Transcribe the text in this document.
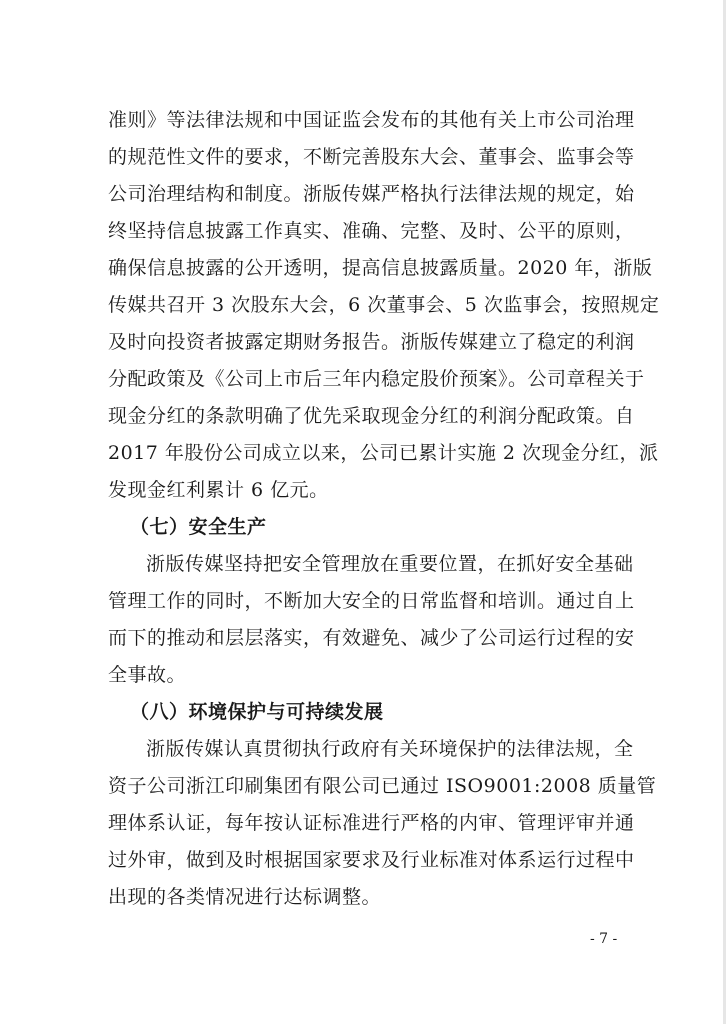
准则》等法律法规和中国证监会发布的其他有关上市公司治理
的规范性文件的要求，不断完善股东大会、董事会、监事会等
公司治理结构和制度。浙版传媒严格执行法律法规的规定，始
终坚持信息披露工作真实、准确、完整、及时、公平的原则，
确保信息披露的公开透明，提高信息披露质量。2020 年，浙版
传媒共召开 3 次股东大会，6 次董事会、5 次监事会，按照规定
及时向投资者披露定期财务报告。浙版传媒建立了稳定的利润
分配政策及《公司上市后三年内稳定股价预案》。公司章程关于
现金分红的条款明确了优先采取现金分红的利润分配政策。自
2017 年股份公司成立以来，公司已累计实施 2 次现金分红，派
发现金红利累计 6 亿元。
（七）安全生产
浙版传媒坚持把安全管理放在重要位置，在抓好安全基础
管理工作的同时，不断加大安全的日常监督和培训。通过自上
而下的推动和层层落实，有效避免、减少了公司运行过程的安
全事故。
（八）环境保护与可持续发展
浙版传媒认真贯彻执行政府有关环境保护的法律法规，全
资子公司浙江印刷集团有限公司已通过 ISO9001:2008 质量管
理体系认证，每年按认证标准进行严格的内审、管理评审并通
过外审，做到及时根据国家要求及行业标准对体系运行过程中
出现的各类情况进行达标调整。
- 7 -
